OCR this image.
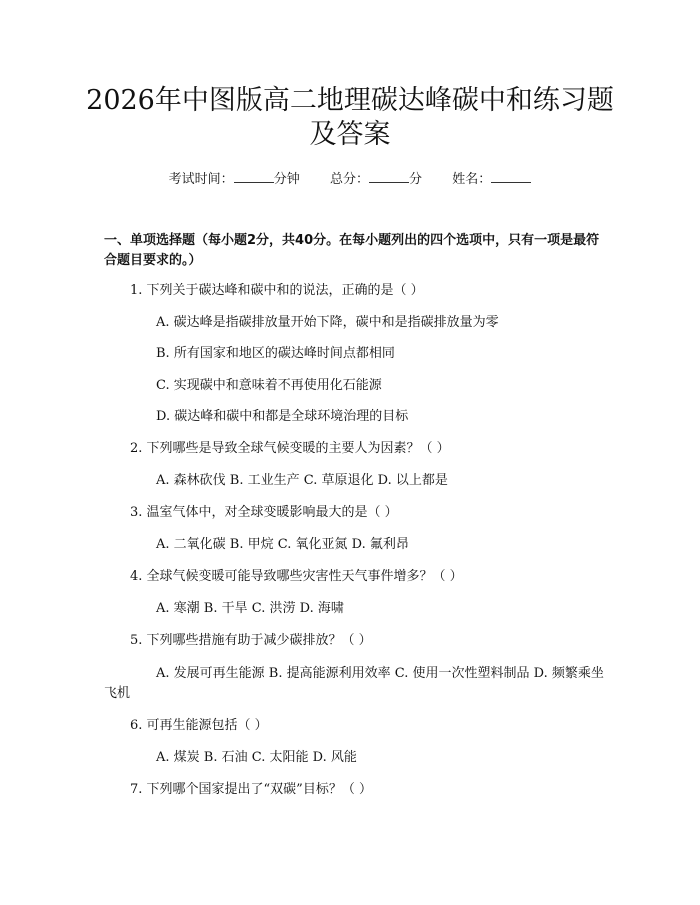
2026年中图版高二地理碳达峰碳中和练习题
及答案
考试时间：	分钟 总分：	分 姓名：
一、单项选择题（每小题2分，共40分。在每小题列出的四个选项中，只有一项是最符合题目要求的。）
1. 下列关于碳达峰和碳中和的说法，正确的是（ ）
A. 碳达峰是指碳排放量开始下降，碳中和是指碳排放量为零
B. 所有国家和地区的碳达峰时间点都相同
C. 实现碳中和意味着不再使用化石能源
D. 碳达峰和碳中和都是全球环境治理的目标
2. 下列哪些是导致全球气候变暖的主要人为因素？（ ）
A. 森林砍伐 B. 工业生产 C. 草原退化 D. 以上都是
3. 温室气体中，对全球变暖影响最大的是（ ）
A. 二氧化碳 B. 甲烷 C. 氧化亚氮 D. 氟利昂
4. 全球气候变暖可能导致哪些灾害性天气事件增多？（ ）
A. 寒潮 B. 干旱 C. 洪涝 D. 海啸
5. 下列哪些措施有助于减少碳排放？（ ）
A. 发展可再生能源 B. 提高能源利用效率 C. 使用一次性塑料制品 D. 频繁乘坐飞机
6. 可再生能源包括（ ）
A. 煤炭 B. 石油 C. 太阳能 D. 风能
7. 下列哪个国家提出了“双碳”目标？（ ）
